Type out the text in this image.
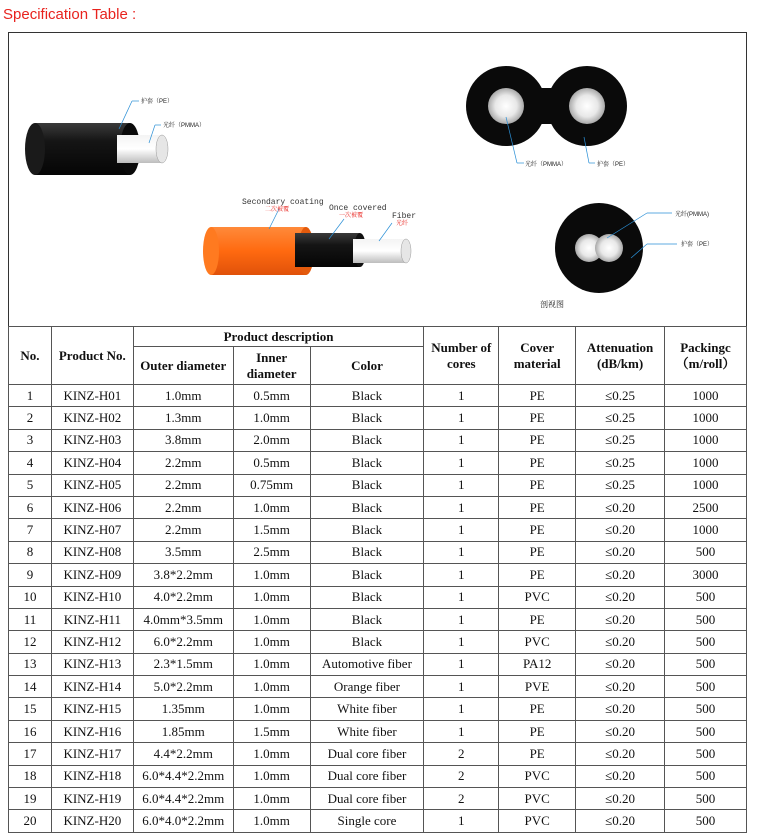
Specification Table :
护套（PE）
光纤（PMMA）
Secondary coating
二次被覆	Once covered
一次被覆	Fiber
光纤
光纤（PMMA）	护套（PE）
光纤(PMMA)
护套（PE）
剖视图
No.	Product No.	Product description			Number of cores	Cover material	Attenuation (dB/km)	Packingc （m/roll）
		Outer diameter	Inner diameter	Color				
1	KINZ-H01	1.0mm	0.5mm	Black	1	PE	≤0.25	1000
2	KINZ-H02	1.3mm	1.0mm	Black	1	PE	≤0.25	1000
3	KINZ-H03	3.8mm	2.0mm	Black	1	PE	≤0.25	1000
4	KINZ-H04	2.2mm	0.5mm	Black	1	PE	≤0.25	1000
5	KINZ-H05	2.2mm	0.75mm	Black	1	PE	≤0.25	1000
6	KINZ-H06	2.2mm	1.0mm	Black	1	PE	≤0.20	2500
7	KINZ-H07	2.2mm	1.5mm	Black	1	PE	≤0.20	1000
8	KINZ-H08	3.5mm	2.5mm	Black	1	PE	≤0.20	500
9	KINZ-H09	3.8*2.2mm	1.0mm	Black	1	PE	≤0.20	3000
10	KINZ-H10	4.0*2.2mm	1.0mm	Black	1	PVC	≤0.20	500
11	KINZ-H11	4.0mm*3.5mm	1.0mm	Black	1	PE	≤0.20	500
12	KINZ-H12	6.0*2.2mm	1.0mm	Black	1	PVC	≤0.20	500
13	KINZ-H13	2.3*1.5mm	1.0mm	Automotive fiber	1	PA12	≤0.20	500
14	KINZ-H14	5.0*2.2mm	1.0mm	Orange fiber	1	PVE	≤0.20	500
15	KINZ-H15	1.35mm	1.0mm	White fiber	1	PE	≤0.20	500
16	KINZ-H16	1.85mm	1.5mm	White fiber	1	PE	≤0.20	500
17	KINZ-H17	4.4*2.2mm	1.0mm	Dual core fiber	2	PE	≤0.20	500
18	KINZ-H18	6.0*4.4*2.2mm	1.0mm	Dual core fiber	2	PVC	≤0.20	500
19	KINZ-H19	6.0*4.4*2.2mm	1.0mm	Dual core fiber	2	PVC	≤0.20	500
20	KINZ-H20	6.0*4.0*2.2mm	1.0mm	Single core	1	PVC	≤0.20	500
